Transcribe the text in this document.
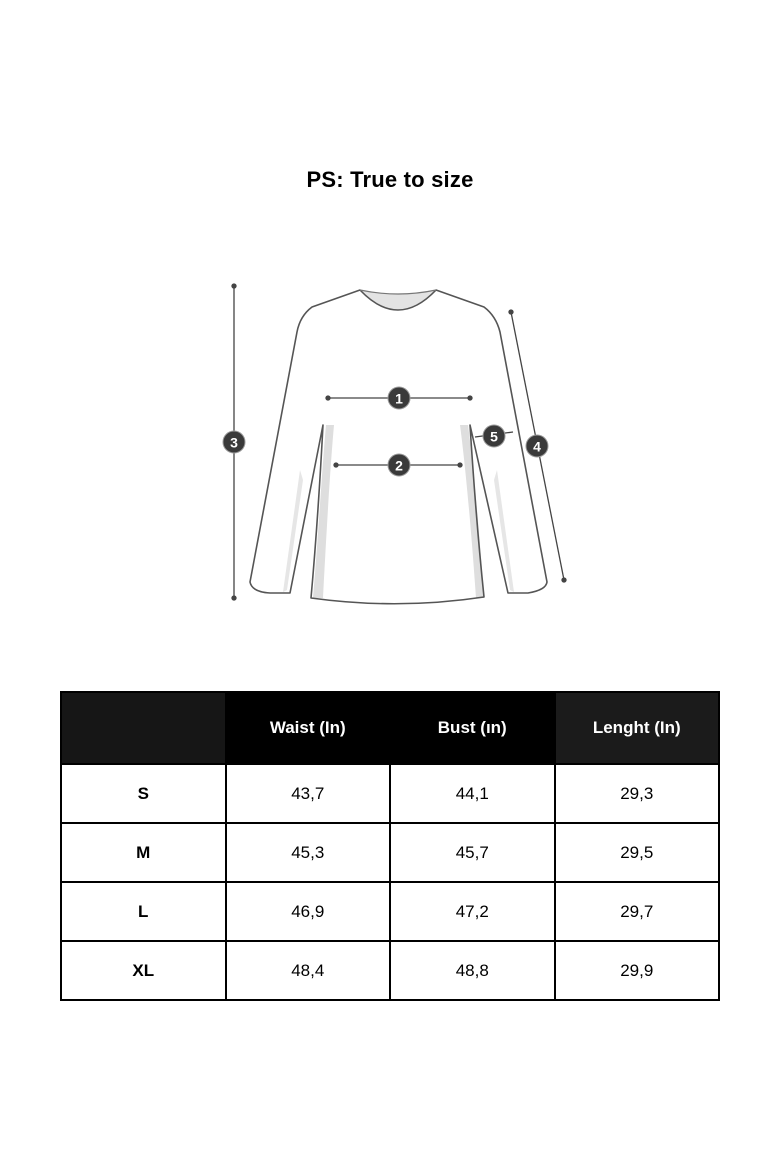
PS: True to size
1
2
3	4
5
	Waist (In)	Bust (ın)	Lenght (In)
S	43,7	44,1	29,3
M	45,3	45,7	29,5
L	46,9	47,2	29,7
XL	48,4	48,8	29,9
